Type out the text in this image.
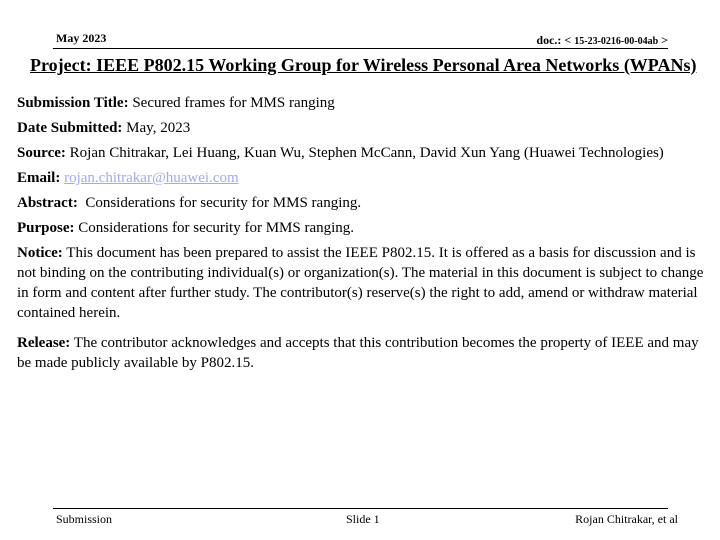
May 2023	doc.: < 15-23-0216-00-04ab >
Project: IEEE P802.15 Working Group for Wireless Personal Area Networks (WPANs)
Submission Title: Secured frames for MMS ranging
Date Submitted: May, 2023
Source: Rojan Chitrakar, Lei Huang, Kuan Wu, Stephen McCann, David Xun Yang (Huawei Technologies)
Email: rojan.chitrakar@huawei.com
Abstract: Considerations for security for MMS ranging.
Purpose: Considerations for security for MMS ranging.
Notice: This document has been prepared to assist the IEEE P802.15. It is offered as a basis for discussion and is not binding on the contributing individual(s) or organization(s). The material in this document is subject to change in form and content after further study. The contributor(s) reserve(s) the right to add, amend or withdraw material contained herein.
Release: The contributor acknowledges and accepts that this contribution becomes the property of IEEE and may be made publicly available by P802.15.
Submission	Slide 1	Rojan Chitrakar, et al
